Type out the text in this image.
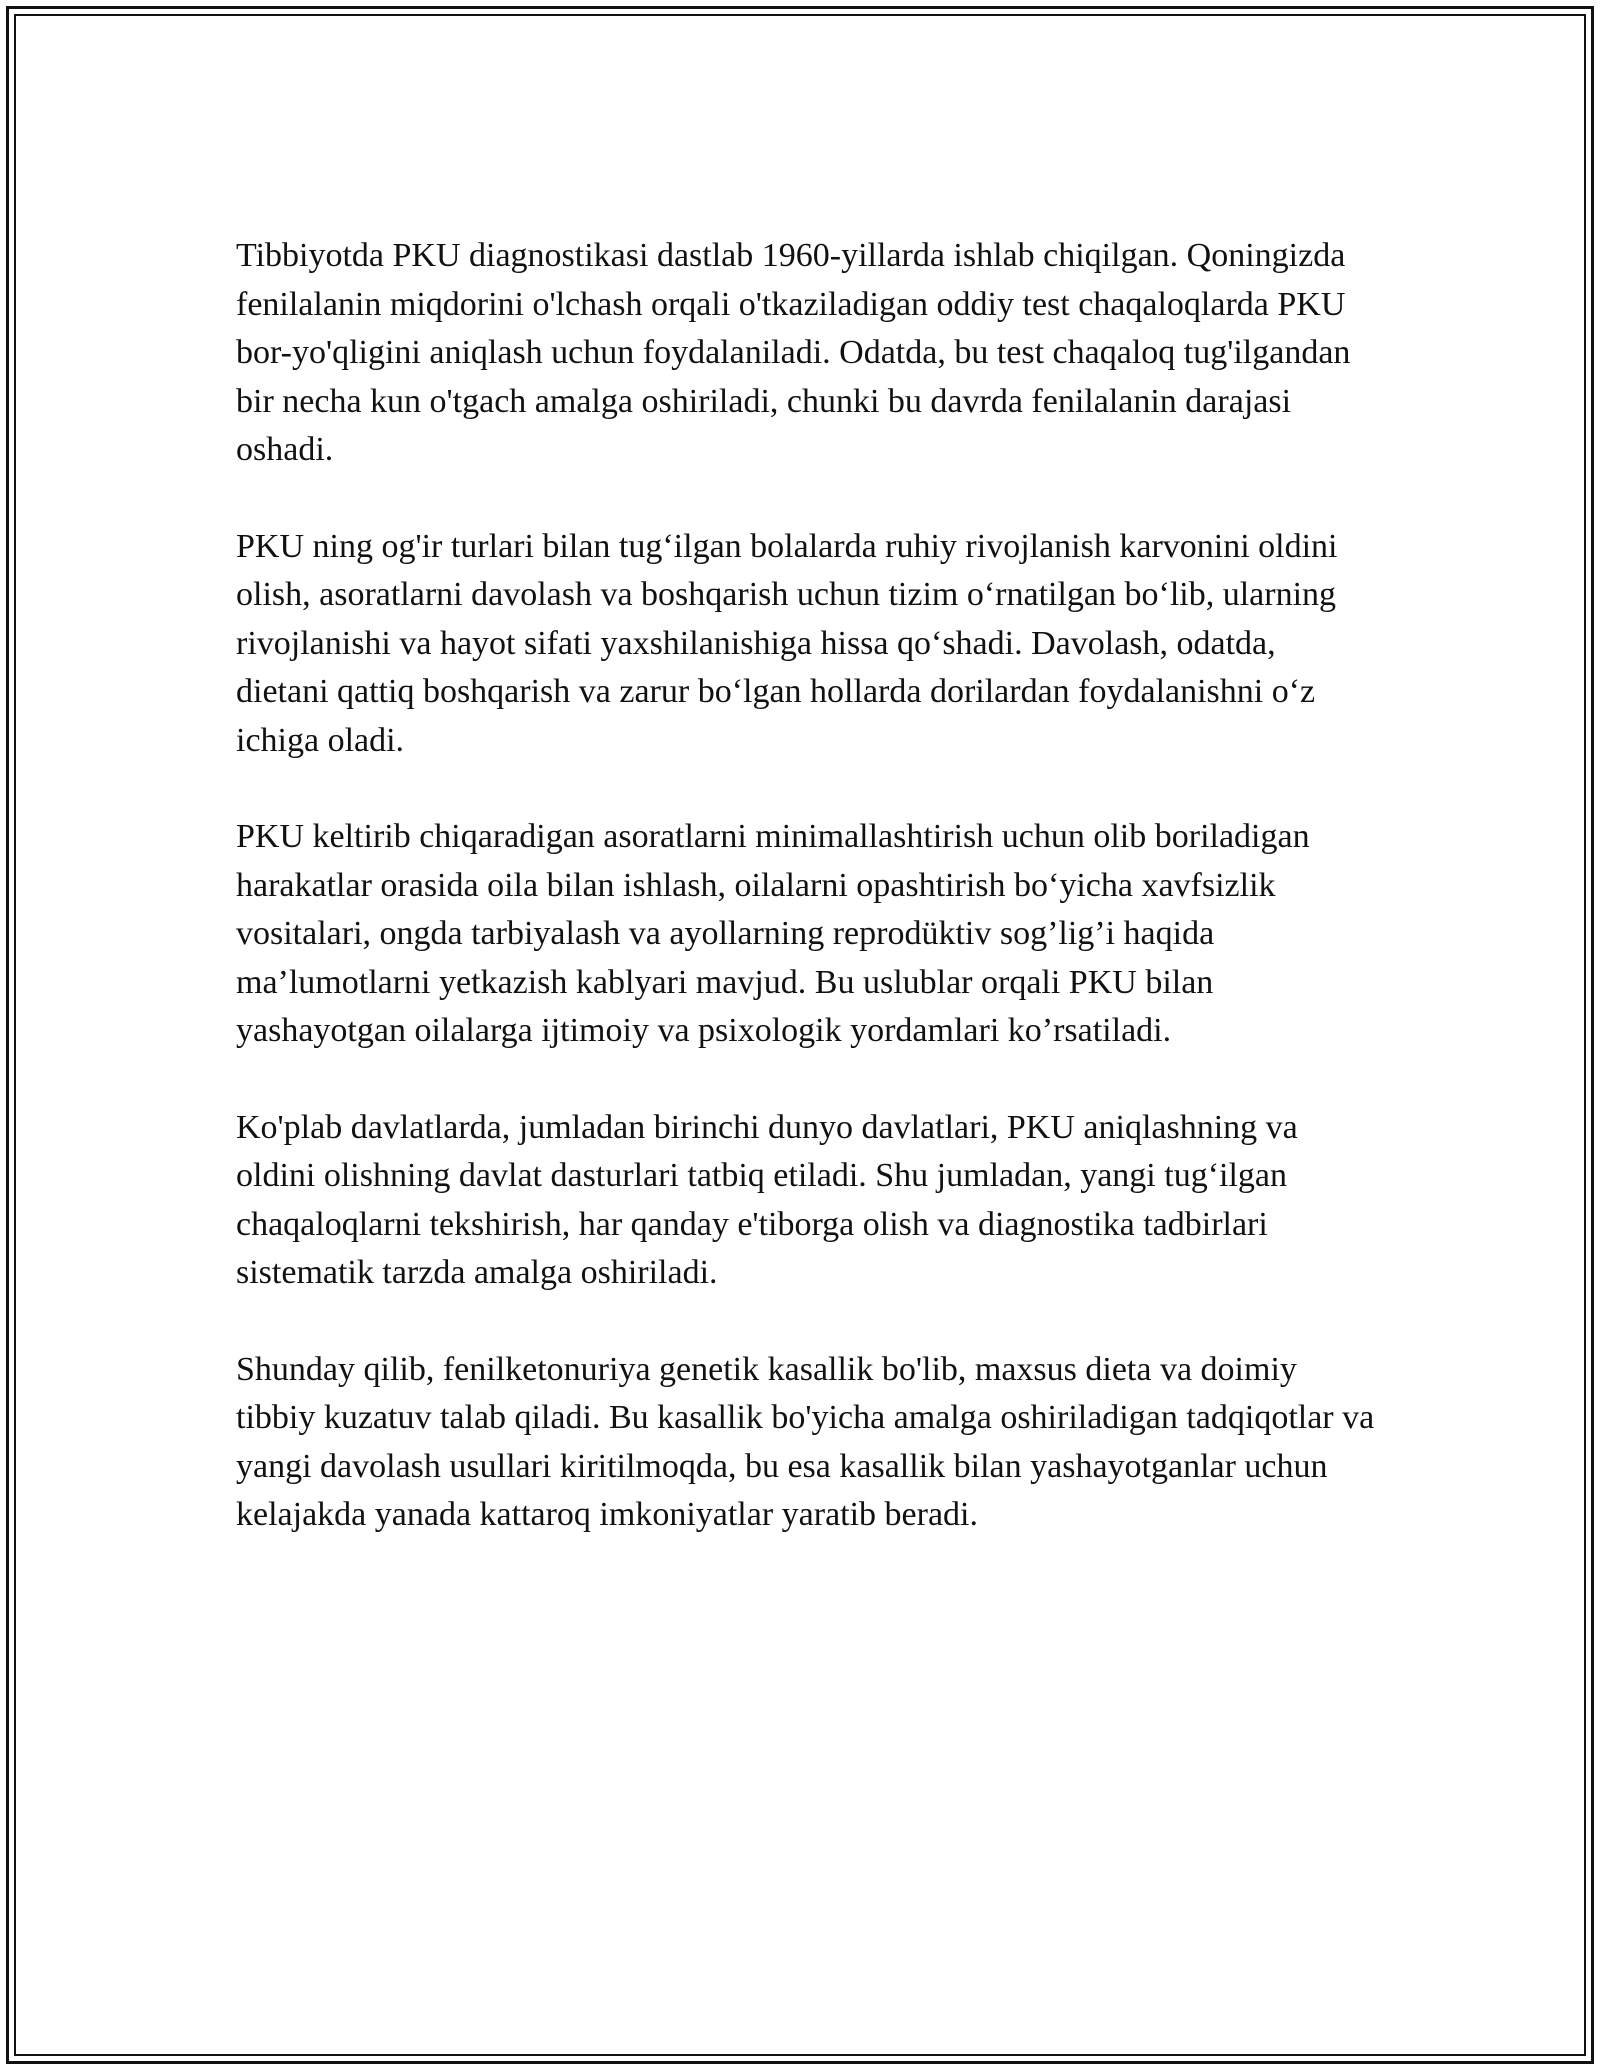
Tibbiyotda PKU diagnostikasi dastlab 1960-yillarda ishlab chiqilgan. Qoningizda fenilalanin miqdorini o'lchash orqali o'tkaziladigan oddiy test chaqaloqlarda PKU bor-yo'qligini aniqlash uchun foydalaniladi. Odatda, bu test chaqaloq tug'ilgandan bir necha kun o'tgach amalga oshiriladi, chunki bu davrda fenilalanin darajasi oshadi.

PKU ning og'ir turlari bilan tug‘ilgan bolalarda ruhiy rivojlanish karvonini oldini olish, asoratlarni davolash va boshqarish uchun tizim o‘rnatilgan bo‘lib, ularning rivojlanishi va hayot sifati yaxshilanishiga hissa qo‘shadi. Davolash, odatda, dietani qattiq boshqarish va zarur bo‘lgan hollarda dorilardan foydalanishni o‘z ichiga oladi.

PKU keltirib chiqaradigan asoratlarni minimallashtirish uchun olib boriladigan harakatlar orasida oila bilan ishlash, oilalarni opashtirish bo‘yicha xavfsizlik vositalari, ongda tarbiyalash va ayollarning reprodüktiv sog’lig’i haqida ma’lumotlarni yetkazish kablyari mavjud. Bu uslublar orqali PKU bilan yashayotgan oilalarga ijtimoiy va psixologik yordamlari ko’rsatiladi.

Ko'plab davlatlarda, jumladan birinchi dunyo davlatlari, PKU aniqlashning va oldini olishning davlat dasturlari tatbiq etiladi. Shu jumladan, yangi tug‘ilgan chaqaloqlarni tekshirish, har qanday e'tiborga olish va diagnostika tadbirlari sistematik tarzda amalga oshiriladi.

Shunday qilib, fenilketonuriya genetik kasallik bo'lib, maxsus dieta va doimiy tibbiy kuzatuv talab qiladi. Bu kasallik bo'yicha amalga oshiriladigan tadqiqotlar va yangi davolash usullari kiritilmoqda, bu esa kasallik bilan yashayotganlar uchun kelajakda yanada kattaroq imkoniyatlar yaratib beradi.
